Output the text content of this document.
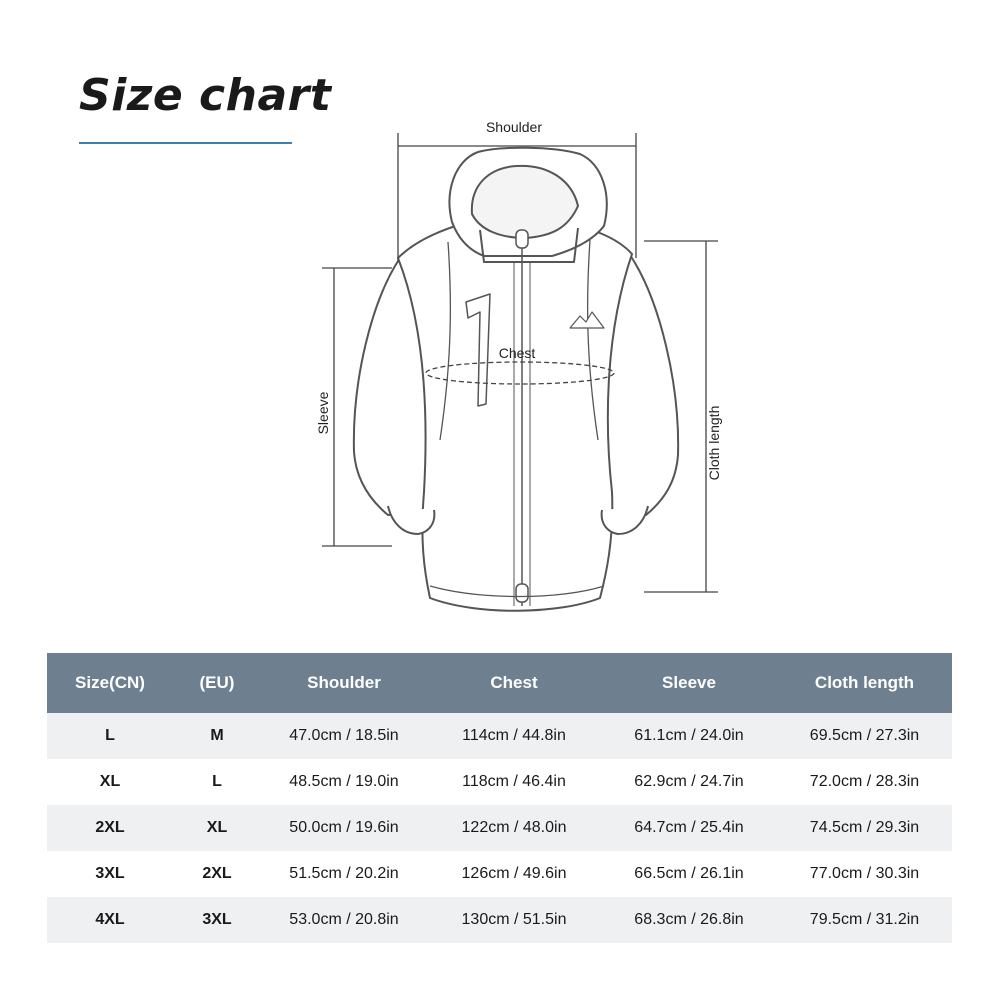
Size chart
Shoulder
Chest
Sleeve	Cloth length
Size(CN)	(EU)	Shoulder	Chest	Sleeve	Cloth length
L	M	47.0cm / 18.5in	114cm / 44.8in	61.1cm / 24.0in	69.5cm / 27.3in
XL	L	48.5cm / 19.0in	118cm / 46.4in	62.9cm / 24.7in	72.0cm / 28.3in
2XL	XL	50.0cm / 19.6in	122cm / 48.0in	64.7cm / 25.4in	74.5cm / 29.3in
3XL	2XL	51.5cm / 20.2in	126cm / 49.6in	66.5cm / 26.1in	77.0cm / 30.3in
4XL	3XL	53.0cm / 20.8in	130cm / 51.5in	68.3cm / 26.8in	79.5cm / 31.2in
